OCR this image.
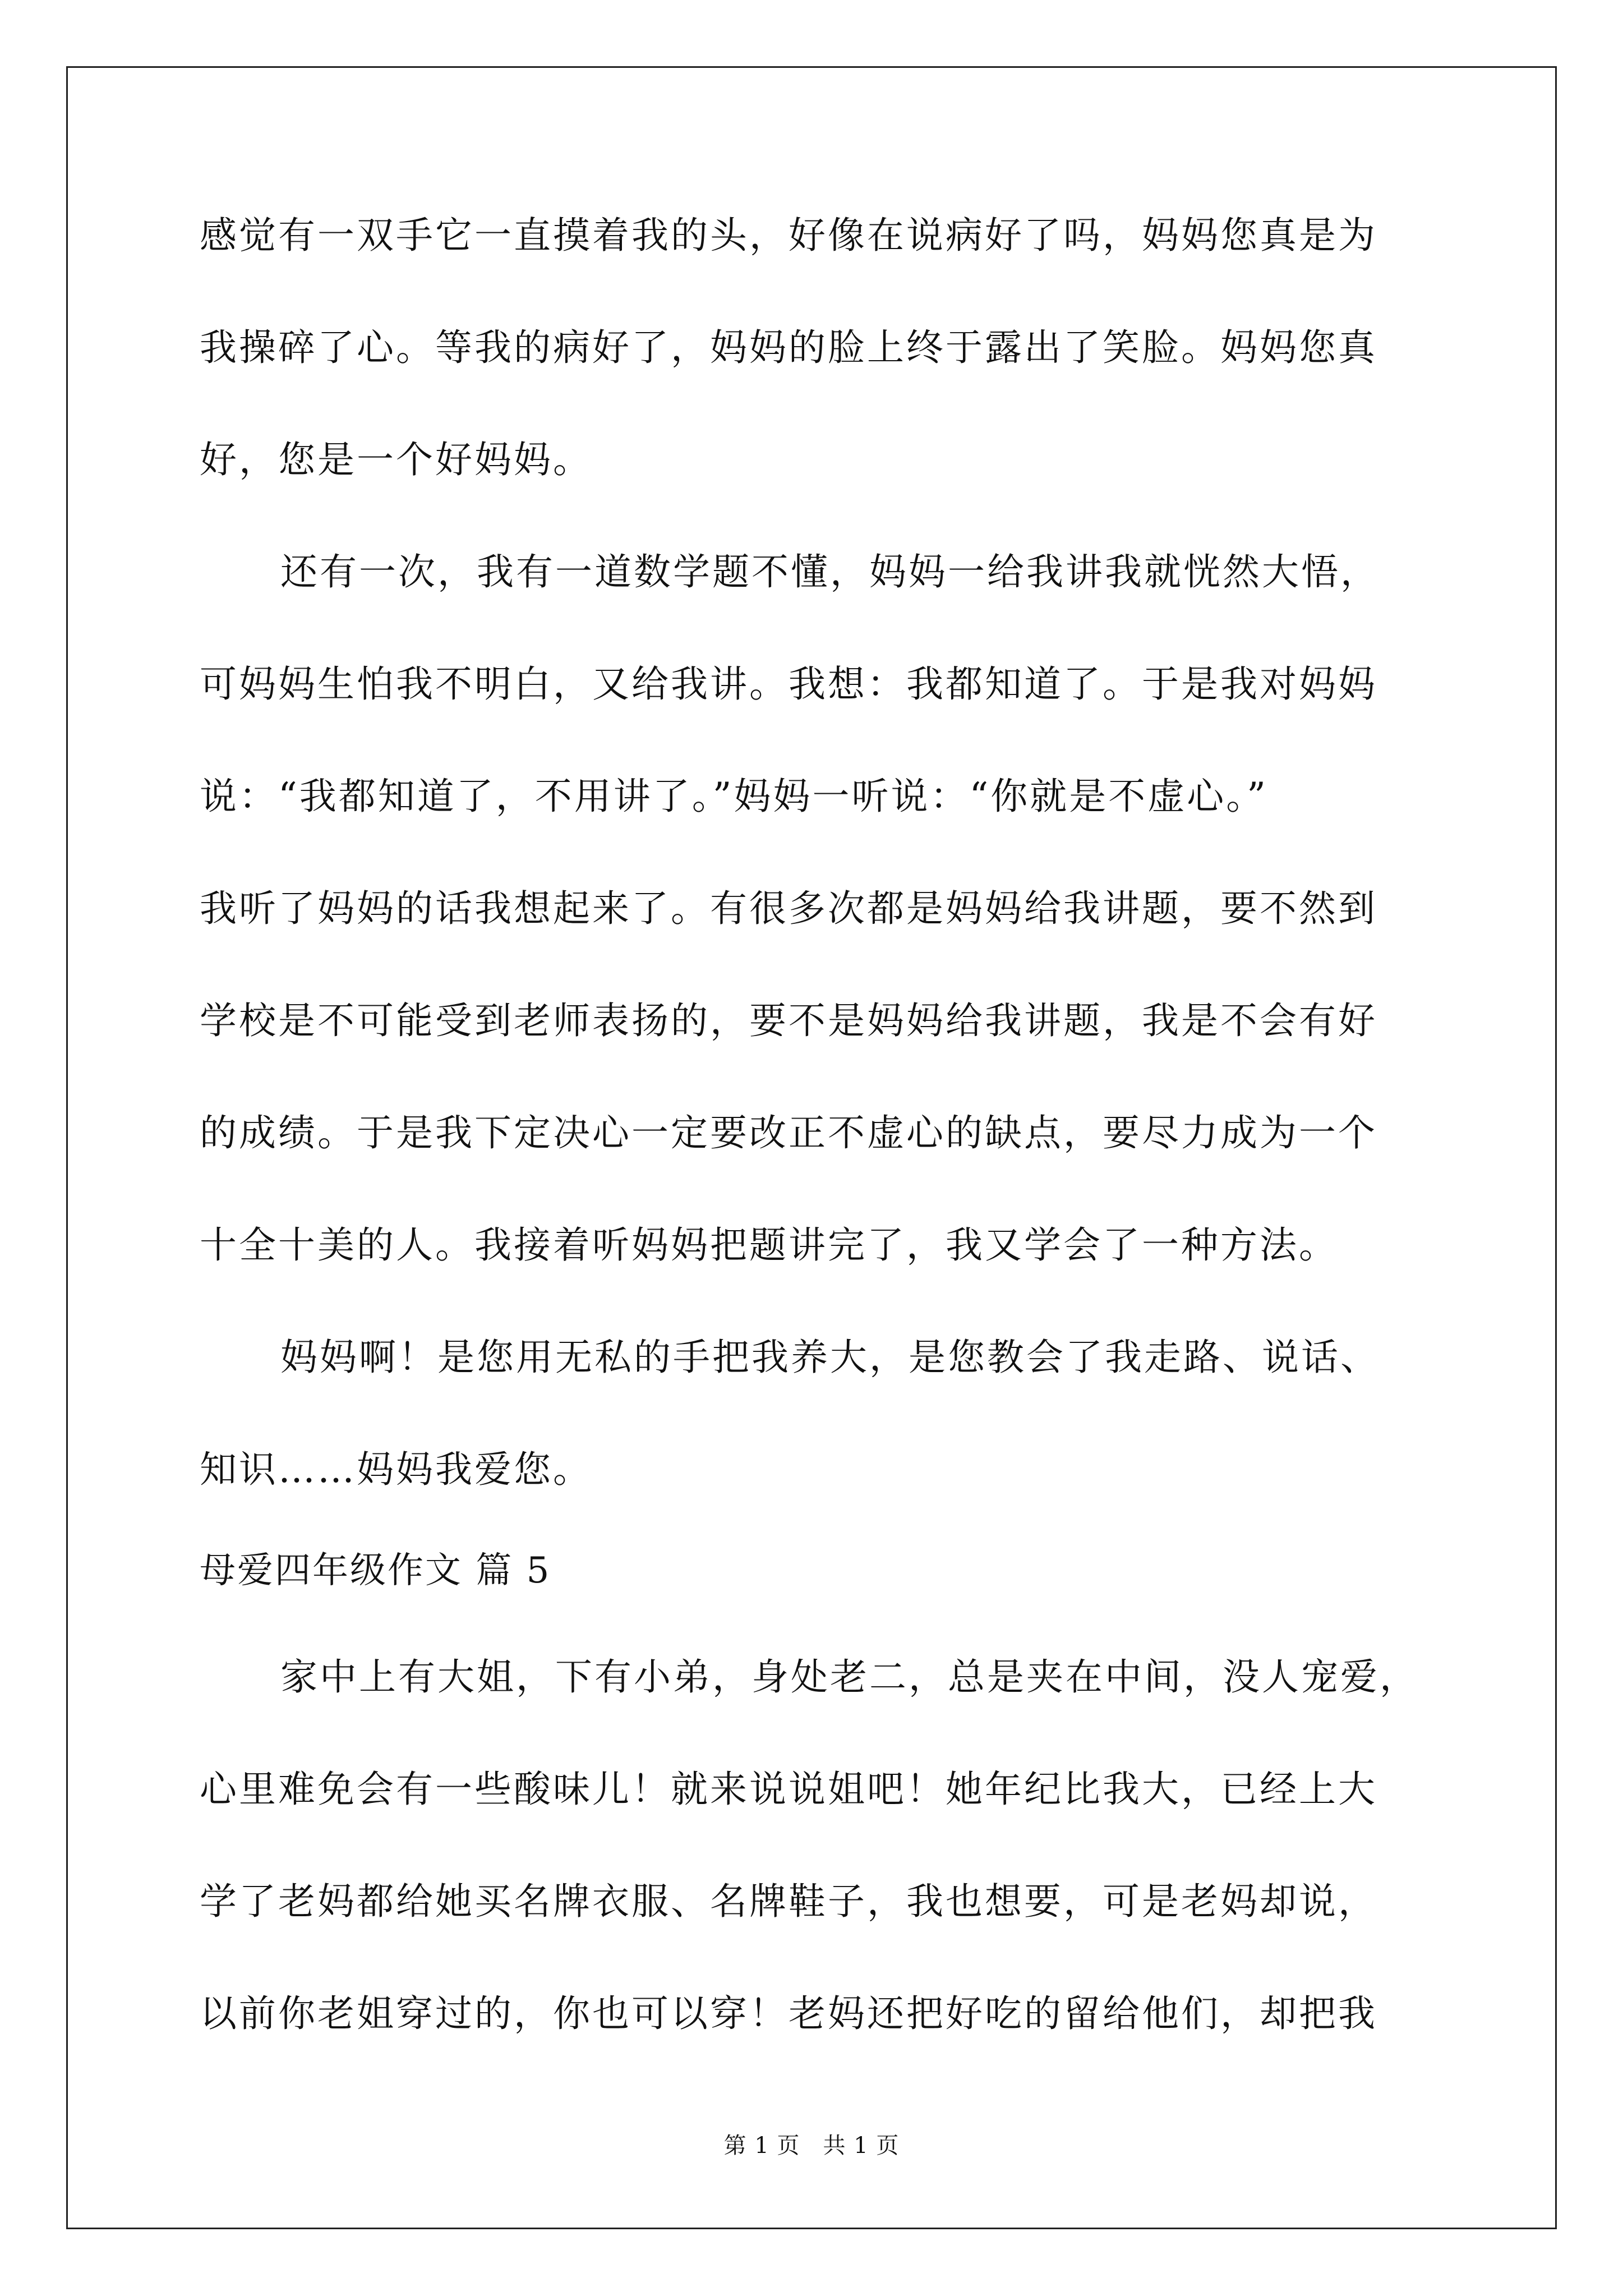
感觉有一双手它一直摸着我的头，好像在说病好了吗，妈妈您真是为
我操碎了心。等我的病好了，妈妈的脸上终于露出了笑脸。妈妈您真
好，您是一个好妈妈。
还有一次，我有一道数学题不懂，妈妈一给我讲我就恍然大悟，
可妈妈生怕我不明白，又给我讲。我想：我都知道了。于是我对妈妈
说：“我都知道了，不用讲了。”妈妈一听说：“你就是不虚心。”
我听了妈妈的话我想起来了。有很多次都是妈妈给我讲题，要不然到
学校是不可能受到老师表扬的，要不是妈妈给我讲题，我是不会有好
的成绩。于是我下定决心一定要改正不虚心的缺点，要尽力成为一个
十全十美的人。我接着听妈妈把题讲完了，我又学会了一种方法。
妈妈啊！是您用无私的手把我养大，是您教会了我走路、说话、
知识……妈妈我爱您。
母爱四年级作文 篇 5
家中上有大姐，下有小弟，身处老二，总是夹在中间，没人宠爱，
心里难免会有一些酸味儿！就来说说姐吧！她年纪比我大，已经上大
学了老妈都给她买名牌衣服、名牌鞋子，我也想要，可是老妈却说，
以前你老姐穿过的，你也可以穿！老妈还把好吃的留给他们，却把我
第 1 页　共 1 页
